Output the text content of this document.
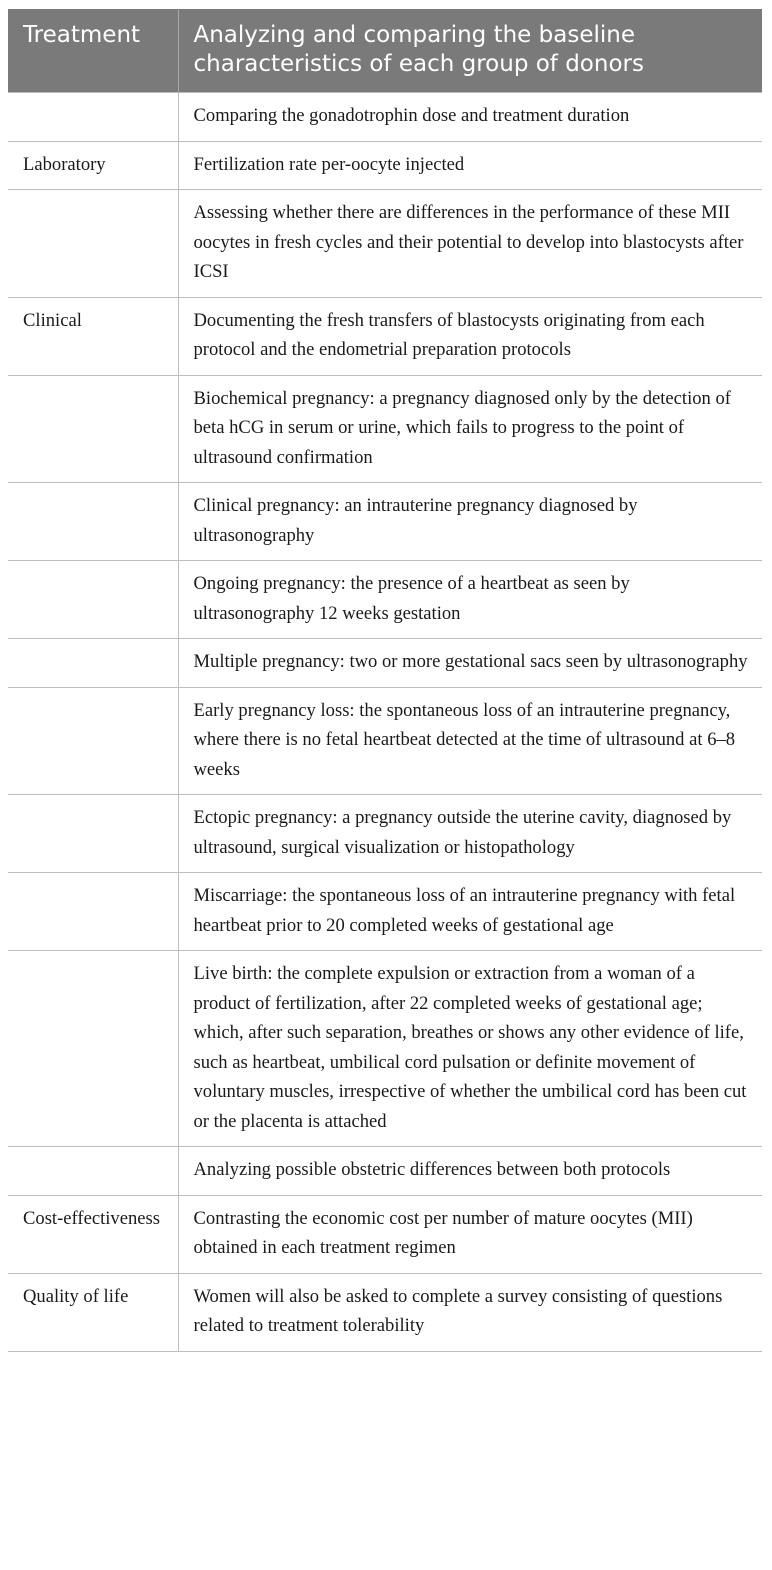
Treatment	Analyzing and comparing the baseline characteristics of each group of donors
	Comparing the gonadotrophin dose and treatment duration
Laboratory	Fertilization rate per-oocyte injected
	Assessing whether there are differences in the performance of these MII oocytes in fresh cycles and their potential to develop into blastocysts after ICSI
Clinical	Documenting the fresh transfers of blastocysts originating from each protocol and the endometrial preparation protocols
	Biochemical pregnancy: a pregnancy diagnosed only by the detection of beta hCG in serum or urine, which fails to progress to the point of ultrasound confirmation
	Clinical pregnancy: an intrauterine pregnancy diagnosed by ultrasonography
	Ongoing pregnancy: the presence of a heartbeat as seen by ultrasonography 12 weeks gestation
	Multiple pregnancy: two or more gestational sacs seen by ultrasonography
	Early pregnancy loss: the spontaneous loss of an intrauterine pregnancy, where there is no fetal heartbeat detected at the time of ultrasound at 6–8 weeks
	Ectopic pregnancy: a pregnancy outside the uterine cavity, diagnosed by ultrasound, surgical visualization or histopathology
	Miscarriage: the spontaneous loss of an intrauterine pregnancy with fetal heartbeat prior to 20 completed weeks of gestational age
	Live birth: the complete expulsion or extraction from a woman of a product of fertilization, after 22 completed weeks of gestational age; which, after such separation, breathes or shows any other evidence of life, such as heartbeat, umbilical cord pulsation or definite movement of voluntary muscles, irrespective of whether the umbilical cord has been cut or the placenta is attached
	Analyzing possible obstetric differences between both protocols
Cost-effectiveness	Contrasting the economic cost per number of mature oocytes (MII) obtained in each treatment regimen
Quality of life	Women will also be asked to complete a survey consisting of questions related to treatment tolerability
